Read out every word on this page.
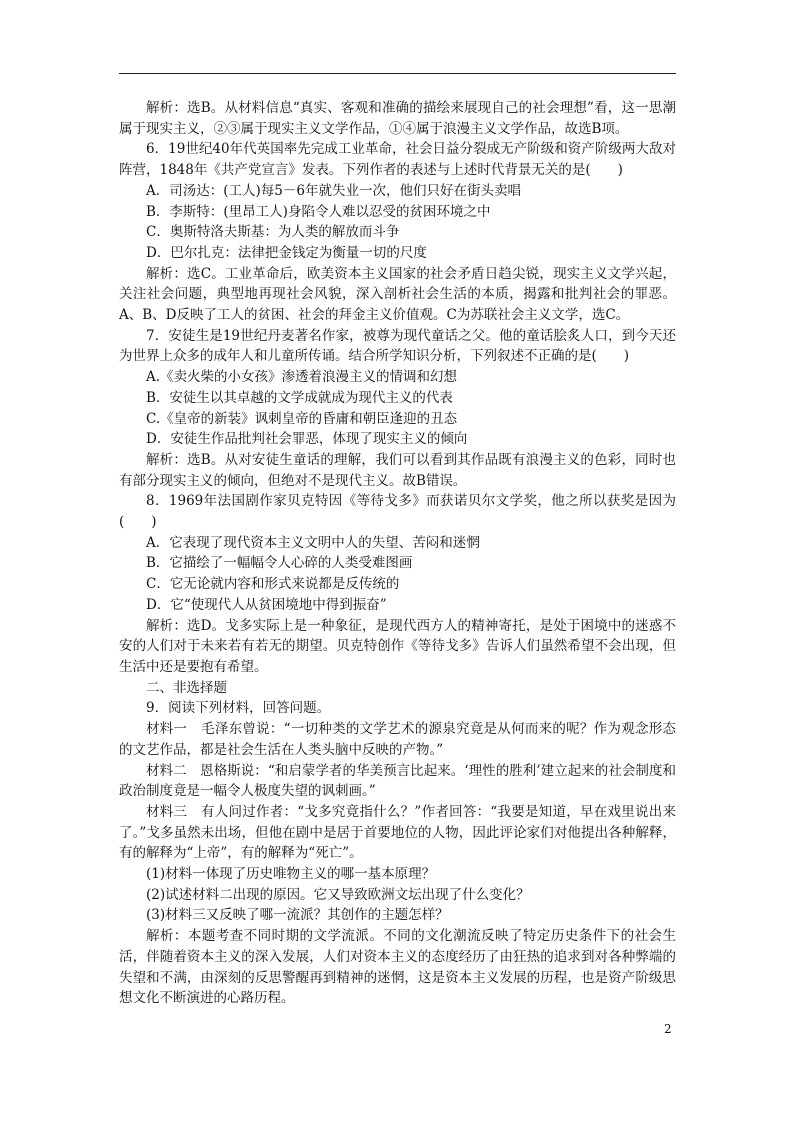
解析：选B。从材料信息“真实、客观和准确的描绘来展现自己的社会理想”看，这一思潮属于现实主义，②③属于现实主义文学作品，①④属于浪漫主义文学作品，故选B项。

6．19世纪40年代英国率先完成工业革命，社会日益分裂成无产阶级和资产阶级两大敌对阵营，1848年《共产党宣言》发表。下列作者的表述与上述时代背景无关的是(　　)

A．司汤达：(工人)每5－6年就失业一次，他们只好在街头卖唱

B．李斯特：(里昂工人)身陷令人难以忍受的贫困环境之中

C．奥斯特洛夫斯基：为人类的解放而斗争

D．巴尔扎克：法律把金钱定为衡量一切的尺度

解析：选C。工业革命后，欧美资本主义国家的社会矛盾日趋尖锐，现实主义文学兴起，关注社会问题，典型地再现社会风貌，深入剖析社会生活的本质，揭露和批判社会的罪恶。A、B、D反映了工人的贫困、社会的拜金主义价值观。C为苏联社会主义文学，选C。

7．安徒生是19世纪丹麦著名作家，被尊为现代童话之父。他的童话脍炙人口，到今天还为世界上众多的成年人和儿童所传诵。结合所学知识分析，下列叙述不正确的是(　　)

A.《卖火柴的小女孩》渗透着浪漫主义的情调和幻想

B．安徒生以其卓越的文学成就成为现代主义的代表

C.《皇帝的新装》讽刺皇帝的昏庸和朝臣逢迎的丑态

D．安徒生作品批判社会罪恶，体现了现实主义的倾向

解析：选B。从对安徒生童话的理解，我们可以看到其作品既有浪漫主义的色彩，同时也有部分现实主义的倾向，但绝对不是现代主义。故B错误。

8．1969年法国剧作家贝克特因《等待戈多》而获诺贝尔文学奖，他之所以获奖是因为(　　)

A．它表现了现代资本主义文明中人的失望、苦闷和迷惘

B．它描绘了一幅幅令人心碎的人类受难图画

C．它无论就内容和形式来说都是反传统的

D．它“使现代人从贫困境地中得到振奋”

解析：选D。戈多实际上是一种象征，是现代西方人的精神寄托，是处于困境中的迷惑不安的人们对于未来若有若无的期望。贝克特创作《等待戈多》告诉人们虽然希望不会出现，但生活中还是要抱有希望。

二、非选择题

9．阅读下列材料，回答问题。

材料一　毛泽东曾说：“一切种类的文学艺术的源泉究竟是从何而来的呢？作为观念形态的文艺作品，都是社会生活在人类头脑中反映的产物。”

材料二　恩格斯说：“和启蒙学者的华美预言比起来。‘理性的胜利’建立起来的社会制度和政治制度竟是一幅令人极度失望的讽刺画。”

材料三　有人问过作者：“戈多究竟指什么？”作者回答：“我要是知道，早在戏里说出来了。”戈多虽然未出场，但他在剧中是居于首要地位的人物，因此评论家们对他提出各种解释，有的解释为“上帝”，有的解释为“死亡”。

(1)材料一体现了历史唯物主义的哪一基本原理？

(2)试述材料二出现的原因。它又导致欧洲文坛出现了什么变化？

(3)材料三又反映了哪一流派？其创作的主题怎样？

解析：本题考查不同时期的文学流派。不同的文化潮流反映了特定历史条件下的社会生活，伴随着资本主义的深入发展，人们对资本主义的态度经历了由狂热的追求到对各种弊端的失望和不满，由深刻的反思警醒再到精神的迷惘，这是资本主义发展的历程，也是资产阶级思想文化不断演进的心路历程。

2
